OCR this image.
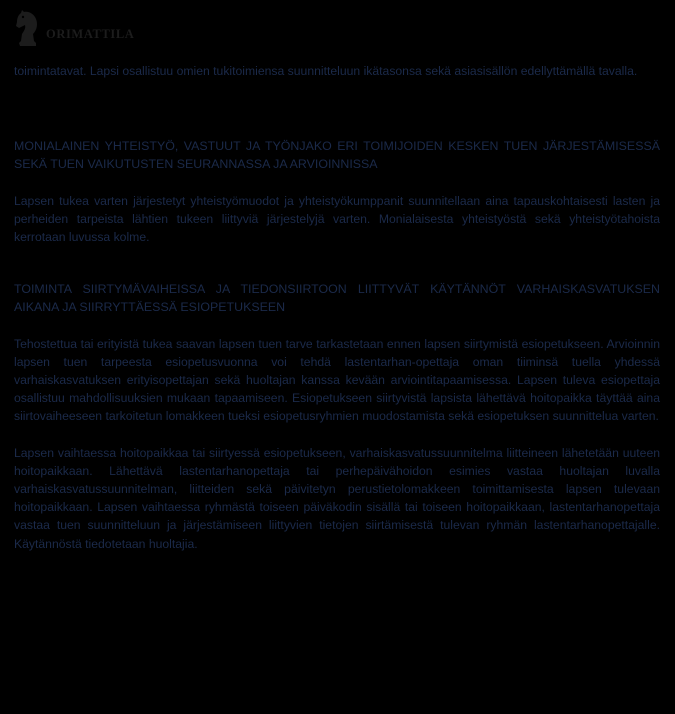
ORIMATTILA

toimintatavat. Lapsi osallistuu omien tukitoimiensa suunnitteluun ikätasonsa sekä asiasisällön edellyttämällä tavalla.

MONIALAINEN YHTEISTYÖ, VASTUUT JA TYÖNJAKO ERI TOIMIJOIDEN KESKEN TUEN JÄRJESTÄMISESSÄ SEKÄ TUEN VAIKUTUSTEN SEURANNASSA JA ARVIOINNISSA

Lapsen tukea varten järjestetyt yhteistyömuodot ja yhteistyökumppanit suunnitellaan aina tapauskohtaisesti lasten ja perheiden tarpeista lähtien tukeen liittyviä järjestelyjä varten. Monialaisesta yhteistyöstä sekä yhteistyötahoista kerrotaan luvussa kolme.

TOIMINTA SIIRTYMÄVAIHEISSA JA TIEDONSIIRTOON LIITTYVÄT KÄYTÄNNÖT VARHAISKASVATUKSEN AIKANA JA SIIRRYTTÄESSÄ ESIOPETUKSEEN

Tehostettua tai erityistä tukea saavan lapsen tuen tarve tarkastetaan ennen lapsen siirtymistä esiopetukseen. Arvioinnin lapsen tuen tarpeesta esiopetusvuonna voi tehdä lastentarhan-opettaja oman tiiminsä tuella yhdessä varhaiskasvatuksen erityisopettajan sekä huoltajan kanssa kevään arviointitapaamisessa. Lapsen tuleva esiopettaja osallistuu mahdollisuuksien mukaan tapaamiseen. Esiopetukseen siirtyvistä lapsista lähettävä hoitopaikka täyttää aina siirtovaiheeseen tarkoitetun lomakkeen tueksi esiopetusryhmien muodostamista sekä esiopetuksen suunnittelua varten.

Lapsen vaihtaessa hoitopaikkaa tai siirtyessä esiopetukseen, varhaiskasvatussuunnitelma liitteineen lähetetään uuteen hoitopaikkaan. Lähettävä lastentarhanopettaja tai perhepäivähoidon esimies vastaa huoltajan luvalla varhaiskasvatussuunnitelman, liitteiden sekä päivitetyn perustietolomakkeen toimittamisesta lapsen tulevaan hoitopaikkaan. Lapsen vaihtaessa ryhmästä toiseen päiväkodin sisällä tai toiseen hoitopaikkaan, lastentarhanopettaja vastaa tuen suunnitteluun ja järjestämiseen liittyvien tietojen siirtämisestä tulevan ryhmän lastentarhanopettajalle. Käytännöstä tiedotetaan huoltajia.
